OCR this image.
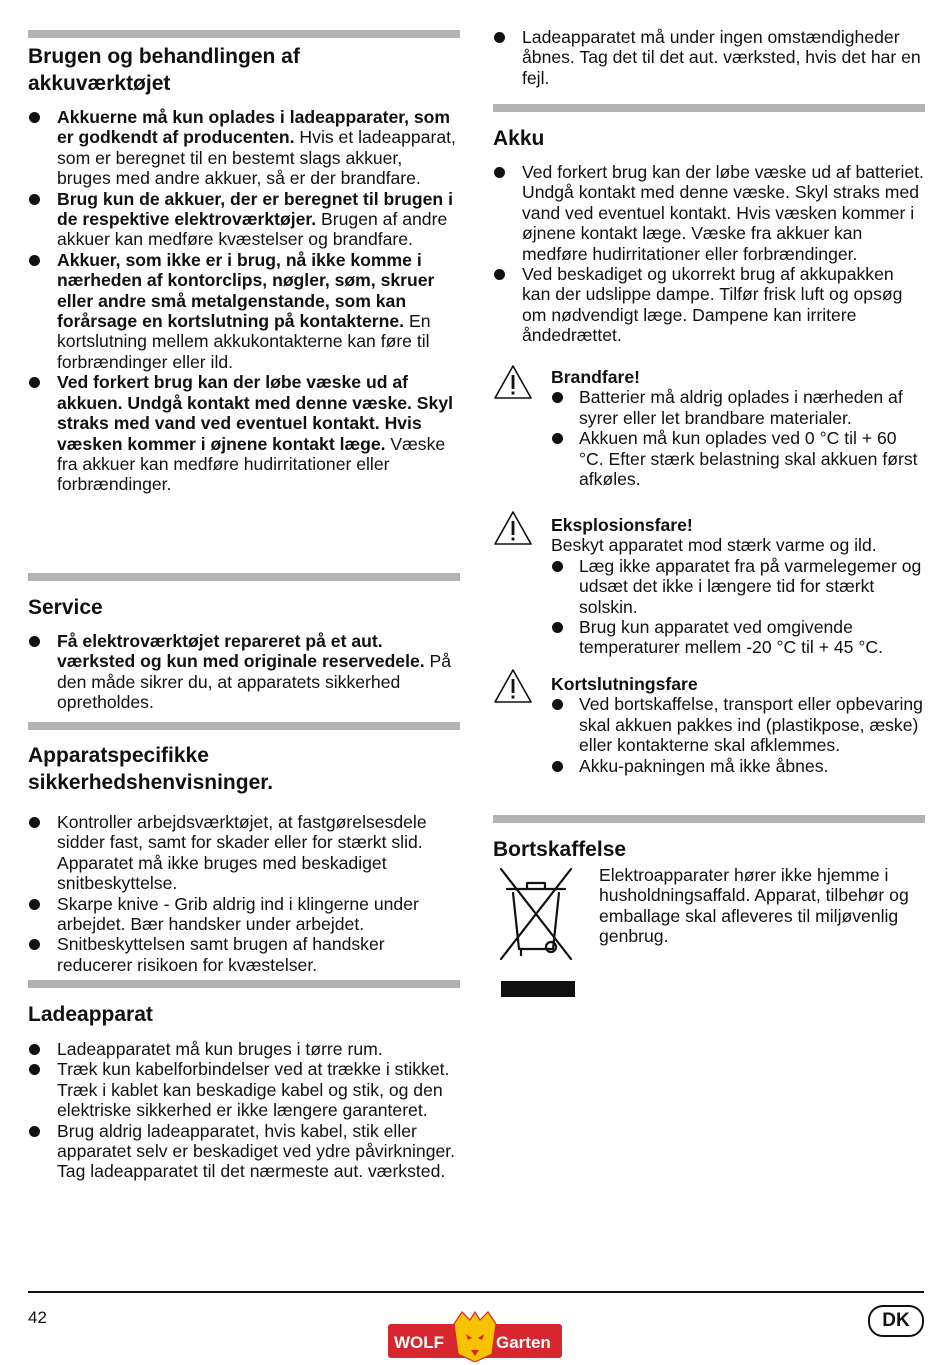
Brugen og behandlingen af
akkuværktøjet
Akkuerne må kun oplades i ladeapparater, som er godkendt af producenten. Hvis et ladeapparat, som er beregnet til en bestemt slags akkuer, bruges med andre akkuer, så er der brandfare.
Brug kun de akkuer, der er beregnet til brugen i de respektive elektroværktøjer. Brugen af andre akkuer kan medføre kvæstelser og brandfare.
Akkuer, som ikke er i brug, nå ikke komme i nærheden af kontorclips, nøgler, søm, skruer eller andre små metalgenstande, som kan forårsage en kortslutning på kontakterne. En kortslutning mellem akkukontakterne kan føre til forbrændinger eller ild.
Ved forkert brug kan der løbe væske ud af akkuen. Undgå kontakt med denne væske. Skyl straks med vand ved eventuel kontakt. Hvis væsken kommer i øjnene kontakt læge. Væske fra akkuer kan medføre hudirritationer eller forbrændinger.
Service
Få elektroværktøjet repareret på et aut. værksted og kun med originale reservedele. På den måde sikrer du, at apparatets sikkerhed opretholdes.
Apparatspecifikke
sikkerhedshenvisninger.
Kontroller arbejdsværktøjet, at fastgørelsesdele sidder fast, samt for skader eller for stærkt slid. Apparatet må ikke bruges med beskadiget snitbeskyttelse.
Skarpe knive - Grib aldrig ind i klingerne under arbejdet. Bær handsker under arbejdet.
Snitbeskyttelsen samt brugen af handsker reducerer risikoen for kvæstelser.
Ladeapparat
Ladeapparatet må kun bruges i tørre rum.
Træk kun kabelforbindelser ved at trække i stikket. Træk i kablet kan beskadige kabel og stik, og den elektriske sikkerhed er ikke længere garanteret.
Brug aldrig ladeapparatet, hvis kabel, stik eller apparatet selv er beskadiget ved ydre påvirkninger. Tag ladeapparatet til det nærmeste aut. værksted.
Ladeapparatet må under ingen omstændigheder åbnes. Tag det til det aut. værksted, hvis det har en fejl.
Akku
Ved forkert brug kan der løbe væske ud af batteriet. Undgå kontakt med denne væske. Skyl straks med vand ved eventuel kontakt. Hvis væsken kommer i øjnene kontakt læge. Væske fra akkuer kan medføre hudirritationer eller forbrændinger.
Ved beskadiget og ukorrekt brug af akkupakken kan der udslippe dampe. Tilfør frisk luft og opsøg om nødvendigt læge. Dampene kan irritere åndedrættet.
Brandfare!
Batterier må aldrig oplades i nærheden af syrer eller let brandbare materialer.
Akkuen må kun oplades ved 0 °C til + 60 °C. Efter stærk belastning skal akkuen først afkøles.
Eksplosionsfare!

Beskyt apparatet mod stærk varme og ild.

Læg ikke apparatet fra på varmelegemer og udsæt det ikke i længere tid for stærkt solskin.
Brug kun apparatet ved omgivende temperaturer mellem -20 °C til + 45 °C.
Kortslutningsfare
Ved bortskaffelse, transport eller opbevaring skal akkuen pakkes ind (plastikpose, æske) eller kontakterne skal afklemmes.
Akku-pakningen må ikke åbnes.
Bortskaffelse

Elektroapparater hører ikke hjemme i husholdningsaffald. Apparat, tilbehør og emballage skal afleveres til miljøvenlig genbrug.

42
WOLF	Garten
DK
